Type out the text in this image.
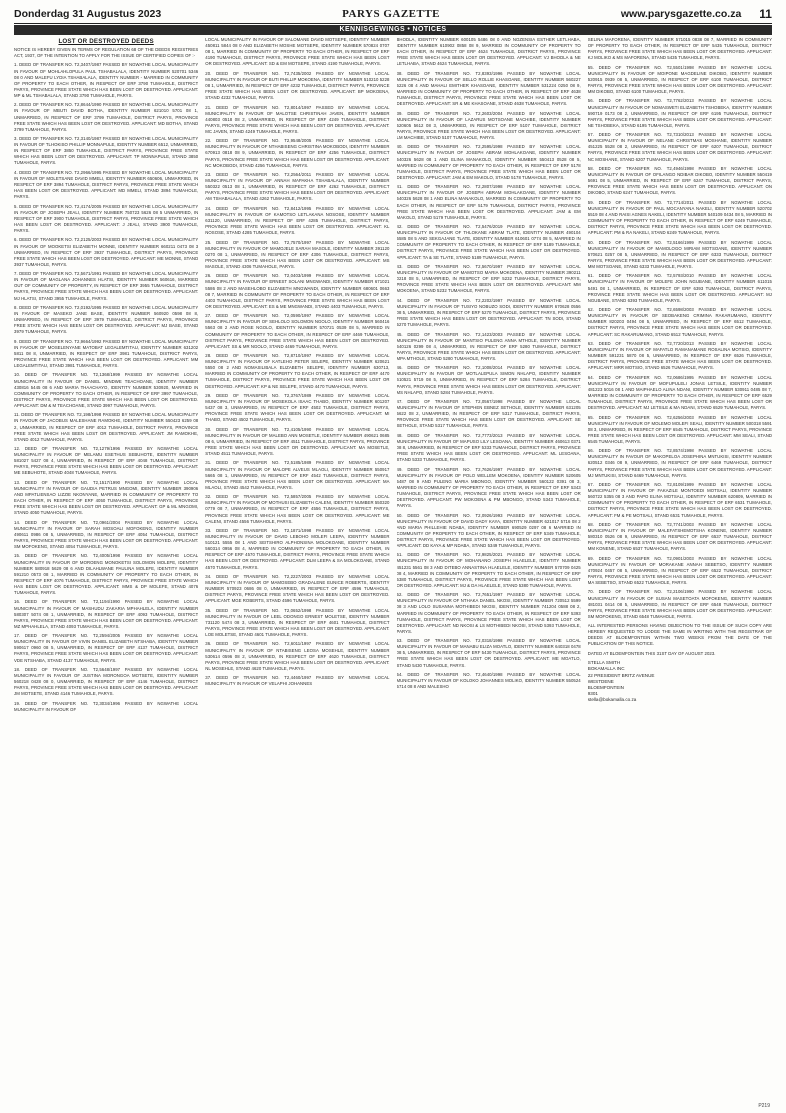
Donderdag 31 Augustus 2023	PARYS GAZETTE	www.parysgazette.co.za 11
KENNISGEWINGS • NOTICES
LOST OR DESTROYED DEEDS

NOTICE IS HEREBY GIVEN IN TERMS OF REGULATION 68 OF THE DEEDS REGISTRIES ACT, 1937, OF THE INTENTION TO APPLY FOR THE ISSUE OF CERTIFIED COPIES OF :-

1. DEED OF TRANSFER NO. T2,3407/1987 PASSED BY NGWATHE LOCAL MUNICIPALITY IN FAVOUR OF MOHLAHLOPULA PAUL TSHABALALA, IDENTITY NUMBER 520701 5346 08 0 AND MALEFU LYDIA TSHABALALA, IDENTITY NUMBER - MARRIED IN COMMUNITY OF PROPERTY TO EACH OTHER, IN RESPECT OF ERF 3790 TUMAHOLE, DISTRICT PARYS, PROVINCE FREE STATE WHICH HAS BEEN LOST OR DESTROYED. APPLICANT: MP & ML TSHABALALA, STAND 3790 TUMAHOLE, PARYS.

2. DEED OF TRANSFER NO. T2,8644/1990 PASSED BY NGWATHE LOCAL MUNICIPALITY IN FAVOUR OF MBUTI DAVID BOTHA, IDENTITY NUMBER 621010 5701 08 1, UNMARRIED, IN RESPECT OF ERF 3799 TUMAHOLE, DISTRICT PARYS, PROVINCE FREE STATE WHICH HAS BEEN LOST OR DESTROYED. APPLICANT: MD BOTHA, STAND 3799 TUMAHOLE, PARYS.

3. DEED OF TRANSFER NO. T2,3140/1987 PASSED BY NGWATHE LOCAL MUNICIPALITY IN FAVOUR OF TLHOKISO PHILLIP MONNAPULE, IDENTITY NUMBER 6512, UNMARRIED, IN RESPECT OF ERF 3850 TUMAHOLE, DISTRICT PARYS, PROVINCE FREE STATE WHICH HAS BEEN LOST OR DESTROYED. APPLICANT: TP MONNAPULE, STAND 3850 TUMAHOLE, PARYS.

4. DEED OF TRANSFER NO. T2,2966/1995 PASSED BY NGWATHE LOCAL MUNICIPALITY IN FAVOUR OF MOLETSANE DAVID MMELI, IDENTITY NUMBER 650606, UNMARRIED, IN RESPECT OF ERF 3894 TUMAHOLE, DISTRICT PARYS, PROVINCE FREE STATE WHICH HAS BEEN LOST OR DESTROYED. APPLICANT: MD MMELI, STAND 3894 TUMAHOLE, PARYS.

5. DEED OF TRANSFER NO. T2,4174/2005 PASSED BY NGWATHE LOCAL MUNICIPALITY IN FAVOUR OF JOSEPH JEALI, IDENTITY NUMBER 750723 5626 08 5 UNMARRIED, IN RESPECT OF ERF 3900 TUMAHOLE, DISTRICT PARYS, PROVINCE FREE STATE WHICH HAS BEEN LOST OR DESTROYED. APPLICANT: J JEALI, STAND 3900 TUMAHOLE, PARYS.

6. DEED OF TRANSFER NO. T2,2125/2003 PASSED BY NGWATHE LOCAL MUNICIPALITY IN FAVOUR OF MOOKETSI ELIZABETH MONNE, IDENTITY NUMBER 660211 0473 08 3 UNMARRIED, IN RESPECT OF ERF 3937 TUMAHOLE, DISTRICT PARYS, PROVINCE FREE STATE WHICH HAS BEEN LOST OR DESTROYED. APPLICANT: ME MONNE, STAND 3937 TUMAHOLE, PARYS.

7. DEED OF TRANSFER NO. T2,5671/1991 PASSED BY NGWATHE LOCAL MUNICIPALITY IN FAVOUR OF MAGLANA JOHANNES HLATSI, IDENTITY NUMBER 560616, MARRIED OUT OF COMMUNITY OF PROPERTY, IN RESPECT OF ERF 3955 TUMAHOLE, DISTRICT PARYS, PROVINCE FREE STATE WHICH HAS BEEN LOST OR DESTROYED. APPLICANT: MJ HLATSI, STAND 3955 TUMAHOLE, PARYS.

8. DEED OF TRANSFER NO. T2,0192/1995 PASSED BY NGWATHE LOCAL MUNICIPALITY IN FAVOUR OF MASEKO JANE BASE, IDENTITY NUMBER 560920 0598 08 8, UNMARRIED, IN RESPECT OF ERF 3979 TUMAHOLE, DISTRICT PARYS, PROVINCE FREE STATE WHICH HAS BEEN LOST OR DESTROYED. APPLICANT: MJ BASE, STAND 3979 TUMAHOLE, PARYS.

9. DEED OF TRANSFER NO. T2,9664/1992 PASSED BY NGWATHE LOCAL MUNICIPALITY IN FAVOUR OF MOSELENYANE MATOBAT LEGALEMTITAU, IDENTITY NUMBER 631202 5811 08 8, UNMARRIED, IN RESPECT OF ERF 3981 TUMAHOLE, DISTRICT PARYS, PROVINCE FREE STATE WHICH HAS BEEN LOST OR DESTROYED. APPLICANT: MM LEGALEMTITAU, STAND 3981 TUMAHOLE, PARYS.

10. DEED OF TRANSFER NO. T2,1368/1999 PASSED BY NGWATHE LOCAL MUNICIPALITY IN FAVOUR OF DANIEL MINDWE TEACHOANE, IDENTITY NUMBER 430816 5445 08 6 AND MARIA THAACHAYO, IDENTITY NUMBER 530920, MARRIED IN COMMUNITY OF PROPERTY TO EACH OTHER, IN RESPECT OF ERF 3997 TUMAHOLE, DISTRICT PARYS, PROVINCE FREE STATE WHICH HAS BEEN LOST OR DESTROYED. APPLICANT: DM & M TEACHOANE, STAND 3997 TUMAHOLE, PARYS.

11. DEED OF TRANSFER NO. T2,198/1998 PASSED BY NGWATHE LOCAL MUNICIPALITY IN FAVOUR OF JACOBUS MALESHANE RAMOKHE, IDENTITY NUMBER 550423 6259 08 2, UNMARRIED, IN RESPECT OF ERF 4012 TUMAHOLE, DISTRICT PARYS, PROVINCE FREE STATE WHICH HAS BEEN LOST OR DESTROYED. APPLICANT: JM RAMOKHE, STAND 4012 TUMAHOLE, PARYS.

12. DEED OF TRANSFER NO. T2,1279/1996 PASSED BY NGWATHE LOCAL MUNICIPALITY IN FAVOUR OF MELAMU ESETHUS SEBUHOTE, IDENTITY NUMBER 581027 5427 08 4, UNMARRIED, IN RESPECT OF ERF 4048 TUMAHOLE, DISTRICT PARYS, PROVINCE FREE STATE WHICH HAS BEEN LOST OR DESTROYED. APPLICANT: ME SEBUHOTE, STAND 4048 TUMAHOLE, PARYS.

13. DEED OF TRANSFER NO. T2,1517/1990 PASSED BY NGWATHE LOCAL MUNICIPALITY IN FAVOUR OF GAUDIA PETRUS MNGOMI, IDENTITY NUMBER 390906 AND MPATLIENSAO LIZZIE NKONYANE, MARRIED IN COMMUNITY OF PROPERTY TO EACH OTHER, IN RESPECT OF ERF 4050 TUMAHOLE, DISTRICT PARYS, PROVINCE FREE STATE WHICH HAS BEEN LOST OR DESTROYED. APPLICANT: GP & ML MNGOMI, STAND 4050 TUMAHOLE, PARYS.

14. DEED OF TRANSFER NO. T2,0961/2004 PASSED BY NGWATHE LOCAL MUNICIPALITY IN FAVOUR OF SARAH MOSOALI MOFOKENG, IDENTITY NUMBER 490611 0986 08 5, UNMARRIED, IN RESPECT OF ERF 4054 TUMAHOLE, DISTRICT PARYS, PROVINCE FREE STATE WHICH HAS BEEN LOST OR DESTROYED. APPLICANT: SM MOFOKENG, STAND 4054 TUMAHOLE, PARYS.

15. DEED OF TRANSFER NO. T2,4005/1998 PASSED BY NGWATHE LOCAL MUNICIPALITY IN FAVOUR OF MOROENG MONOKETSI SOLOMON MOLEFE, IDENTITY NUMBER 580918 5629 08 6 AND DILAHLWANE PAULINA MOLEFE, IDENTITY NUMBER 591210 0573 08 1, MARRIED IN COMMUNITY OF PROPERTY TO EACH OTHER, IN RESPECT OF ERF 4076 TUMAHOLE, DISTRICT PARYS, PROVINCE FREE STATE WHICH HAS BEEN LOST OR DESTROYED. APPLICANT: MMS & DP MOLEFE, STAND 4076 TUMAHOLE, PARYS.

16. DEED OF TRANSFER NO. T2,1194/1990 PASSED BY NGWATHE LOCAL MUNICIPALITY IN FAVOUR OF MASHUDU ZAKARIA MPHAHLELA, IDENTITY NUMBER 580307 5074 08 1, UNMARRIED, IN RESPECT OF ERF 4093 TUMAHOLE, DISTRICT PARYS, PROVINCE FREE STATE WHICH HAS BEEN LOST OR DESTROYED. APPLICANT: MZ MPHAHLELA, STAND 4093 TUMAHOLE, PARYS.

17. DEED OF TRANSFER NO. T2,2594/2005 PASSED BY NGWATHE LOCAL MUNICIPALITY IN FAVOUR OF VIVIN DANIEL ELIZABETH NTSHABA, IDENTITY NUMBER 590617 0960 08 5, UNMARRIED, IN RESPECT OF ERF 4137 TUMAHOLE, DISTRICT PARYS, PROVINCE FREE STATE WHICH HAS BEEN LOST OR DESTROYED. APPLICANT: VDE NTSHABA, STAND 4137 TUMAHOLE, PARYS.

18. DEED OF TRANSFER NO. T2,5648/1997 PASSED BY NGWATHE LOCAL MUNICIPALITY IN FAVOUR OF JUSTINA MORONGOA MOTSETE, IDENTITY NUMBER 560218 0428 08 0, UNMARRIED, IN RESPECT OF ERF 4146 TUMAHOLE, DISTRICT PARYS, PROVINCE FREE STATE WHICH HAS BEEN LOST OR DESTROYED. APPLICANT: JM MOTSETE, STAND 4146 TUMAHOLE, PARYS.

19. DEED OF TRANSFER NO. T2,3034/1996 PASSED BY NGWATHE LOCAL MUNICIPALITY IN FAVOUR OF

LOCAL MUNICIPALITY IN FAVOUR OF SALOMANE DAVID MOTSEPE, IDENTITY NUMBER 450811 5844 08 0 AND ELIZABETH MOSHE MOTSEPE, IDENTITY NUMBER 570824 0707 08 1, MARRIED IN COMMUNITY OF PROPERTY TO EACH OTHER, IN RESPECT OF ERF 4190 TUMAHOLE, DISTRICT PARYS, PROVINCE FREE STATE WHICH HAS BEEN LOST OR DESTROYED. APPLICANT: SD & EM MOTSEPE, STAND 4190 TUMAHOLE, PARYS.

20. DEED OF TRANSFER NO. T2,7435/2002 PASSED BY NGWATHE LOCAL MUNICIPALITY IN FAVOUR OF BUTI PHILLIP MOKOENA, IDENTITY NUMBER 510210 5228 08 1, UNMARRIED, IN RESPECT OF ERF 4232 TUMAHOLE, DISTRICT PARYS, PROVINCE FREE STATE WHICH HAS BEEN LOST OR DESTROYED. APPLICANT: BP MOKOENA, STAND 4232 TUMAHOLE, PARYS.

21. DEED OF TRANSFER NO. T2,8014/1997 PASSED BY NGWATHE LOCAL MUNICIPALITY IN FAVOUR OF MALOTSE CHRISTINAH JAVEN, IDENTITY NUMBER 440803 0518 08 2, UNMARRIED, IN RESPECT OF ERF 4249 TUMAHOLE, DISTRICT PARYS, PROVINCE FREE STATE WHICH HAS BEEN LOST OR DESTROYED. APPLICANT: MC JAVEN, STAND 4249 TUMAHOLE, PARYS.

22. DEED OF TRANSFER NO. T2,9548/2005 PASSED BY NGWATHE LOCAL MUNICIPALITY IN FAVOUR OF NTHABISENG CHRISTINA MOKOBODI, IDENTITY NUMBER 670913 0818 08 9, UNMARRIED, IN RESPECT OF ERF 4256 TUMAHOLE, DISTRICT PARYS, PROVINCE FREE STATE WHICH HAS BEEN LOST OR DESTROYED. APPLICANT: NC MOKOBODI, STAND 4256 TUMAHOLE, PARYS.

23. DEED OF TRANSFER NO. T2,2564/2011 PASSED BY NGWATHE LOCAL MUNICIPALITY IN FAVOUR OF ANNAH MAPAKHA TSHABALALA, IDENTITY NUMBER 550322 0513 08 1, UNMARRIED, IN RESPECT OF ERF 4262 TUMAHOLE, DISTRICT PARYS, PROVINCE FREE STATE WHICH HAS BEEN LOST OR DESTROYED. APPLICANT: AM TSHABALALA, STAND 4262 TUMAHOLE, PARYS.

24. DEED OF TRANSFER NO. T2,8412/1995 PASSED BY NGWATHE LOCAL MUNICIPALITY IN FAVOUR OF KAMOTSO LETLAKANA NOSOSE, IDENTITY NUMBER 631120, UNMARRIED, IN RESPECT OF ERF 4285 TUMAHOLE, DISTRICT PARYS, PROVINCE FREE STATE WHICH HAS BEEN LOST OR DESTROYED. APPLICANT: KL NOSOSE, STAND 4285 TUMAHOLE, PARYS.

25. DEED OF TRANSFER NO. T2,7570/1997 PASSED BY NGWATHE LOCAL MUNICIPALITY IN FAVOUR OF MAMOJELE SARAH MASOLE, IDENTITY NUMBER 391120 0270 08 1, UNMARRIED, IN RESPECT OF ERF 4306 TUMAHOLE, DISTRICT PARYS, PROVINCE FREE STATE WHICH HAS BEEN LOST OR DESTROYED. APPLICANT: MS MASOLE, STAND 4306 TUMAHOLE, PARYS.

26. DEED OF TRANSFER NO. T2,0403/1999 PASSED BY NGWATHE LOCAL MUNICIPALITY IN FAVOUR OF ERNEST SOLANI MNGWANDI, IDENTITY NUMBER 671021 5586 08 2 AND MASEHLOBO ELIZABETH MNGWANDI, IDENTITY NUMBER 680601 0663 08 7, MARRIED IN COMMUNITY OF PROPERTY TO EACH OTHER, IN RESPECT OF ERF 4403 TUMAHOLE, DISTRICT PARYS, PROVINCE FREE STATE WHICH HAS BEEN LOST OR DESTROYED. APPLICANT: ES & ME MNGWANDI, STAND 4403 TUMAHOLE, PARYS.

27. DEED OF TRANSFER NO. T2,0590/1997 PASSED BY NGWATHE LOCAL MUNICIPALITY IN FAVOUR OF SEHLOLO SOLOMON NGOLO, IDENTITY NUMBER 560416 5563 08 2 AND ROSE NGOLO, IDENTITY NUMBER 570721 0539 08 5, MARRIED IN COMMUNITY OF PROPERTY TO EACH OTHER, IN RESPECT OF ERF 4469 TUMAHOLE, DISTRICT PARYS, PROVINCE FREE STATE WHICH HAS BEEN LOST OR DESTROYED. APPLICANT: SS & MR NGOLO, STAND 4469 TUMAHOLE, PARYS.

28. DEED OF TRANSFER NO. T2,8710/1997 PASSED BY NGWATHE LOCAL MUNICIPALITY IN FAVOUR OF KATLEHO PETER SELEPE, IDENTITY NUMBER 620621 5550 08 2 AND NOMASILIBALA ELIZABETH SELEPE, IDENTITY NUMBER 630713, MARRIED IN COMMUNITY OF PROPERTY TO EACH OTHER, IN RESPECT OF ERF 4470 TUMAHOLE, DISTRICT PARYS, PROVINCE FREE STATE WHICH HAS BEEN LOST OR DESTROYED. APPLICANT: KP & NE SELEPE, STAND 4470 TUMAHOLE, PARYS.

29. DEED OF TRANSFER NO. T2,3767/1989 PASSED BY NGWATHE LOCAL MUNICIPALITY IN FAVOUR OF MOSEKOLA ISAAC THABO, IDENTITY NUMBER 601207 5437 08 3, UNMARRIED, IN RESPECT OF ERF 4502 TUMAHOLE, DISTRICT PARYS, PROVINCE FREE STATE WHICH HAS BEEN LOST OR DESTROYED. APPLICANT: MI THABO, STAND 4502 TUMAHOLE, PARYS.

30. DEED OF TRANSFER NO. T2,4105/1990 PASSED BY NGWATHE LOCAL MUNICIPALITY IN FAVOUR OF MALEBO ANN MOSETLE, IDENTITY NUMBER 490621 0685 08 6, UNMARRIED, IN RESPECT OF ERF 4511 TUMAHOLE, DISTRICT PARYS, PROVINCE FREE STATE WHICH HAS BEEN LOST OR DESTROYED. APPLICANT: MA MOSETLE, STAND 4511 TUMAHOLE, PARYS.

31. DEED OF TRANSFER NO. T2,5185/1989 PASSED BY NGWATHE LOCAL MUNICIPALITY IN FAVOUR OF MALOPE ALVEUS MLAOLI, IDENTITY NUMBER 550917 5665 08 1, UNMARRIED, IN RESPECT OF ERF 4542 TUMAHOLE, DISTRICT PARYS, PROVINCE FREE STATE WHICH HAS BEEN LOST OR DESTROYED. APPLICANT: MA MLAOLI, STAND 4542 TUMAHOLE, PARYS.

32. DEED OF TRANSFER NO. T2,5857/2005 PASSED BY NGWATHE LOCAL MUNICIPALITY IN FAVOUR OF MOTHUSI ELIZABETH CALENI, IDENTITY NUMBER 550320 0779 08 7, UNMARRIED, IN RESPECT OF ERF 4556 TUMAHOLE, DISTRICT PARYS, PROVINCE FREE STATE WHICH HAS BEEN LOST OR DESTROYED. APPLICANT: ME CALENI, STAND 4556 TUMAHOLE, PARYS.

33. DEED OF TRANSFER NO. T2,1871/1998 PASSED BY NGWATHE LOCAL MUNICIPALITY IN FAVOUR OF DAVID LEBOHO MOLEFI LEEPA, IDENTITY NUMBER 510121 5555 08 1 AND SEITSHIRO ALPHONSINA MOLOKOANE, IDENTITY NUMBER 560314 0956 08 4, MARRIED IN COMMUNITY OF PROPERTY TO EACH OTHER, IN RESPECT OF ERF 4570 TUMAHOLE, DISTRICT PARYS, PROVINCE FREE STATE WHICH HAS BEEN LOST OR DESTROYED. APPLICANT: DLM LEEPA & SA MOLOKOANE, STAND 4570 TUMAHOLE, PARYS.

34. DEED OF TRANSFER NO. T2,2227/2003 PASSED BY NGWATHE LOCAL MUNICIPALITY IN FAVOUR OF MAMOSEBO GRADALENE EUNICE ROBERTS, IDENTITY NUMBER 570923 0686 08 0, UNMARRIED, IN RESPECT OF ERF 4596 TUMAHOLE, DISTRICT PARYS, PROVINCE FREE STATE WHICH HAS BEEN LOST OR DESTROYED. APPLICANT: MGE ROBERTS, STAND 4596 TUMAHOLE, PARYS.

35. DEED OF TRANSFER NO. T2,0652/1998 PASSED BY NGWATHE LOCAL MUNICIPALITY IN FAVOUR OF LEEL ODONGO ERNEST MOLETSE, IDENTITY NUMBER 731120 5474 08 3, UNMARRIED, IN RESPECT OF ERF 4601 TUMAHOLE, DISTRICT PARYS, PROVINCE FREE STATE WHICH HAS BEEN LOST OR DESTROYED. APPLICANT: LOE MOLETSE, STAND 4601 TUMAHOLE, PARYS.

36. DEED OF TRANSFER NO. T2,6011/1997 PASSED BY NGWATHE LOCAL MUNICIPALITY IN FAVOUR OF NTABISENG LEOSA MOSEHLE, IDENTITY NUMBER 530614 0596 08 2, UNMARRIED, IN RESPECT OF ERF 4620 TUMAHOLE, DISTRICT PARYS, PROVINCE FREE STATE WHICH HAS BEEN LOST OR DESTROYED. APPLICANT: NL MOSEHLE, STAND 4620 TUMAHOLE, PARYS.

37. DEED OF TRANSFER NO. T2,4460/1997 PASSED BY NGWATHE LOCAL MUNICIPALITY IN FAVOUR OF VELAPHI JOHANNES

BHODLA, IDENTITY NUMBER 600105 5486 08 0 AND NOZENSIA ESTHER LETLHABA, IDENTITY NUMBER 610902 0858 08 9, MARRIED IN COMMUNITY OF PROPERTY TO EACH OTHER, IN RESPECT OF ERF 4624 TUMAHOLE, DISTRICT PARYS, PROVINCE FREE STATE WHICH HAS BEEN LOST OR DESTROYED. APPLICANT: VJ BHODLA & NE LETLHABA, STAND 4624 TUMAHOLE, PARYS.

38. DEED OF TRANSFER NO. T2,8393/1996 PASSED BY NGWATHE LOCAL MUNICIPALITY IN FAVOUR OF SELLO ROLLIE KHASOANE, IDENTITY NUMBER 560227 5226 08 4 AND MAHALI EMITHER KHASOANE, IDENTITY NUMBER 531224 0250 08 9, MARRIED IN COMMUNITY OF PROPERTY TO EACH OTHER, IN RESPECT OF ERF 4638 TUMAHOLE, DISTRICT PARYS, PROVINCE FREE STATE WHICH HAS BEEN LOST OR DESTROYED. APPLICANT: SR & ME KHASOANE, STAND 4638 TUMAHOLE, PARYS.

39. DEED OF TRANSFER NO. T2,2603/2004 PASSED BY NGWATHE LOCAL MUNICIPALITY IN FAVOUR OF LAZARUS MOTSOANE MACHIBE, IDENTITY NUMBER 520605 5612 08 3, UNMARRIED, IN RESPECT OF ERF 5107 TUMAHOLE, DISTRICT PARYS, PROVINCE FREE STATE WHICH HAS BEEN LOST OR DESTROYED. APPLICANT: LM MACHIBE, STAND 5107 TUMAHOLE, PARYS.

40. DEED OF TRANSFER NO. T2,2595/1998 PASSED BY NGWATHE LOCAL MUNICIPALITY IN FAVOUR OF JOSEPH ABRAM MOHLAKOANE, IDENTITY NUMBER 540326 5628 08 1 AND ELINA MANAKOLO, IDENTITY NUMBER 550413 0528 08 5, MARRIED IN COMMUNITY OF PROPERTY TO EACH OTHER, IN RESPECT OF ERF 5178 TUMAHOLE, DISTRICT PARYS, PROVINCE FREE STATE WHICH HAS BEEN LOST OR DESTROYED. APPLICANT: JAM & EM MAKOLO, STAND 5178 TUMAHOLE, PARYS.

41. DEED OF TRANSFER NO. T2,2807/1998 PASSED BY NGWATHE LOCAL MUNICIPALITY IN FAVOUR OF JOSEPH ABRAM MOHLAKOANE, IDENTITY NUMBER 540326 5628 08 1 AND ELINA MANAKOLO, MARRIED IN COMMUNITY OF PROPERTY TO EACH OTHER, IN RESPECT OF ERF 5179 TUMAHOLE, DISTRICT PARYS, PROVINCE FREE STATE WHICH HAS BEEN LOST OR DESTROYED. APPLICANT: JAM & EM MAKOLO, STAND 5179 TUMAHOLE, PARYS.

42. DEED OF TRANSFER NO. T2,5476/2019 PASSED BY NGWATHE LOCAL MUNICIPALITY IN FAVOUR OF THLOKANE ABRAM TLATE, IDENTITY NUMBER 490104 5585 08 5 AND SEKGAJANE TLATE, IDENTITY NUMBER 610601 0774 08 5, MARRIED IN COMMUNITY OF PROPERTY TO EACH OTHER, IN RESPECT OF ERF 5189 TUMAHOLE, DISTRICT PARYS, PROVINCE FREE STATE WHICH HAS BEEN LOST OR DESTROYED. APPLICANT: TA & SE TLATE, STAND 5189 TUMAHOLE, PARYS.

43. DEED OF TRANSFER NO. T2,5670/1997 PASSED BY NGWATHE LOCAL MUNICIPALITY IN FAVOUR OF MAMOTSO MARIA MOKOENA, IDENTITY NUMBER 390211 0218 08 5, UNMARRIED, IN RESPECT OF ERF 5232 TUMAHOLE, DISTRICT PARYS, PROVINCE FREE STATE WHICH HAS BEEN LOST OR DESTROYED. APPLICANT: MM MOKOENA, STAND 5232 TUMAHOLE, PARYS.

44. DEED OF TRANSFER NO. T2,2202/1997 PASSED BY NGWATHE LOCAL MUNICIPALITY IN FAVOUR OF TUSIYO NOBUZO SODI, IDENTITY NUMBER 670628 0556 08 5, UNMARRIED, IN RESPECT OF ERF 5270 TUMAHOLE, DISTRICT PARYS, PROVINCE FREE STATE WHICH HAS BEEN LOST OR DESTROYED. APPLICANT: TN SODI, STAND 5270 TUMAHOLE, PARYS.

45. DEED OF TRANSFER NO. T2,1423/2003 PASSED BY NGWATHE LOCAL MUNICIPALITY IN FAVOUR OF MANTSIO PULENG ANNA MTHOLE, IDENTITY NUMBER 640126 0299 08 4, UNMARRIED, IN RESPECT OF ERF 5280 TUMAHOLE, DISTRICT PARYS, PROVINCE FREE STATE WHICH HAS BEEN LOST OR DESTROYED. APPLICANT: MPA MTHOLE, STAND 5280 TUMAHOLE, PARYS.

46. DEED OF TRANSFER NO. T2,1008/2014 PASSED BY NGWATHE LOCAL MUNICIPALITY IN FAVOUR OF MOTLALEPULA SIMON NHLAPO, IDENTITY NUMBER 610521 5719 08 5, UNMARRIED, IN RESPECT OF ERF 5284 TUMAHOLE, DISTRICT PARYS, PROVINCE FREE STATE WHICH HAS BEEN LOST OR DESTROYED. APPLICANT: MS NHLAPO, STAND 5284 TUMAHOLE, PARYS.

47. DEED OF TRANSFER NO. T2,0567/1998 PASSED BY NGWATHE LOCAL MUNICIPALITY IN FAVOUR OF STEPHEN EBNEZ SETHOLE, IDENTITY NUMBER 631205 5622 08 2, UNMARRIED, IN RESPECT OF ERF 5317 TUMAHOLE, DISTRICT PARYS, PROVINCE FREE STATE WHICH HAS BEEN LOST OR DESTROYED. APPLICANT: SE SETHOLE, STAND 5317 TUMAHOLE, PARYS.

48. DEED OF TRANSFER NO. T2,7773/2013 PASSED BY NGWATHE LOCAL MUNICIPALITY IN FAVOUR OF MAPUSO LILY LESOANA, IDENTITY NUMBER 460613 0371 08 8, UNMARRIED, IN RESPECT OF ERF 5333 TUMAHOLE, DISTRICT PARYS, PROVINCE FREE STATE WHICH HAS BEEN LOST OR DESTROYED. APPLICANT: ML LESOANA, STAND 5333 TUMAHOLE, PARYS.

49. DEED OF TRANSFER NO. T2,7626/1997 PASSED BY NGWATHE LOCAL MUNICIPALITY IN FAVOUR OF POLO WELLEM MOKOENA, IDENTITY NUMBER 520605 5487 08 9 AND PULENG MARIA MBONGO, IDENTITY NUMBER 560122 0391 08 3, MARRIED IN COMMUNITY OF PROPERTY TO EACH OTHER, IN RESPECT OF ERF 5343 TUMAHOLE, DISTRICT PARYS, PROVINCE FREE STATE WHICH HAS BEEN LOST OR DESTROYED. APPLICANT: PW MOKOENA & PM MBONGO, STAND 5343 TUMAHOLE, PARYS.

50. DEED OF TRANSFER NO. T2,0926/1993 PASSED BY NGWATHE LOCAL MUNICIPALITY IN FAVOUR OF DAVID DADY KAYA, IDENTITY NUMBER 621017 5716 08 2 AND MARIA PHILLEHIE NDABA, IDENTITY NUMBER 690529 0297 08 6 MARRIED IN COMMUNITY OF PROPERTY TO EACH OTHER, IN RESPECT OF ERF 5349 TUMAHOLE, DISTRICT PARYS, PROVINCE FREE STATE WHICH HAS BEEN LOST OR DESTROYED. APPLICANT: DD KAYA & MP NDABA, STAND 5349 TUMAHOLE, PARYS.

51. DEED OF TRANSFER NO. T2,9825/2021 PASSED BY NGWATHE LOCAL MUNICIPALITY IN FAVOUR OF MOHANANO JOSEPH HLAELELE, IDENTITY NUMBER 451231 5561 08 3 AND DITEBO ANNASTINA HLAELELE, IDENTITY NUMBER 570709 0425 08 4, MARRIED IN COMMUNITY OF PROPERTY TO EACH OTHER, IN RESPECT OF ERF 5380 TUMAHOLE, DISTRICT PARYS, PROVINCE FREE STATE WHICH HAS BEEN LOST OR DESTROYED. APPLICANT: MJ & DA HLAELELE, STAND 5380 TUMAHOLE, PARYS.

52. DEED OF TRANSFER NO. T2,7651/1997 PASSED BY NGWATHE LOCAL MUNICIPALITY IN FAVOUR OF NTHAKA DANIEL NKOSI, IDENTITY NUMBER 720512 5599 08 3 AND LOLO SUSANNA MOTHIBEDI NKOSI, IDENTITY NUMBER 741204 0588 08 2, MARRIED IN COMMUNITY OF PROPERTY TO EACH OTHER, IN RESPECT OF ERF 5393 TUMAHOLE, DISTRICT PARYS, PROVINCE FREE STATE WHICH HAS BEEN LOST OR DESTROYED. APPLICANT: ND NKOSI & LS MOTHIBEDI NKOSI, STAND 5393 TUMAHOLE, PARYS.

53. DEED OF TRANSFER NO. T2,0318/1998 PASSED BY NGWATHE LOCAL MUNICIPALITY IN FAVOUR OF MANABU ELIZA MOATLO, IDENTITY NUMBER 640318 0478 08 5, UNMARRIED, IN RESPECT OF ERF 5430 TUMAHOLE, DISTRICT PARYS, PROVINCE FREE STATE WHICH HAS BEEN LOST OR DESTROYED. APPLICANT: ME MOATLO, STAND 5430 TUMAHOLE, PARYS.

54. DEED OF TRANSFER NO. T2,4640/1998 PASSED BY NGWATHE LOCAL MUNICIPALITY IN FAVOUR OF KOLOKO JOHANNES MOLIKO, IDENTITY NUMBER 550524 5714 08 8 AND MALESHO

SELINA MAFORENA, IDENTITY NUMBER 571015 0838 08 7, MARRIED IN COMMUNITY OF PROPERTY TO EACH OTHER, IN RESPECT OF ERF 5435 TUMAHOLE, DISTRICT PARYS, PROVINCE FREE STATE WHICH HAS BEEN LOST OR DESTROYED. APPLICANT: KJ MOLIKO & MS MAFORENA, STAND 5435 TUMAHOLE, PARYS.

55. DEED OF TRANSFER NO. T2,5501/1998 PASSED BY NGWATHE LOCAL MUNICIPALITY IN FAVOUR OF MOIPONE MAGDELINE DIKOBO, IDENTITY NUMBER 520915 0939 08 5, UNMARRIED, IN RESPECT OF ERF 6100 TUMAHOLE, DISTRICT PARYS, PROVINCE FREE STATE WHICH HAS BEEN LOST OR DESTROYED. APPLICANT: MM DIKOBO, STAND 6100 TUMAHOLE, PARYS.

56. DEED OF TRANSFER NO. T2,7762/2013 PASSED BY NGWATHE LOCAL MUNICIPALITY IN FAVOUR OF NOMASWETI ELIZABETH TSHOBEKA, IDENTITY NUMBER 590719 0173 08 2, UNMARRIED, IN RESPECT OF ERF 6195 TUMAHOLE, DISTRICT PARYS, PROVINCE FREE STATE WHICH HAS BEEN LOST OR DESTROYED. APPLICANT: NE TSHOBEKA, STAND 6195 TUMAHOLE, PARYS.

57. DEED OF TRANSFER NO. T2,7310/2013 PASSED BY NGWATHE LOCAL MUNICIPALITY IN FAVOUR OF NELANE CHRISTMAS MOSHANE, IDENTITY NUMBER 451225 5528 08 2, UNMARRIED, IN RESPECT OF ERF 6207 TUMAHOLE, DISTRICT PARYS, PROVINCE FREE STATE WHICH HAS BEEN LOST OR DESTROYED. APPLICANT: NC MOSHANE, STAND 6207 TUMAHOLE, PARYS.

58. DEED OF TRANSFER NO. T2,4946/1998 PASSED BY NGWATHE LOCAL MUNICIPALITY IN FAVOUR OF OFILANGO NDIBAR DIKOBO, IDENTITY NUMBER 550419 5691 08 5, UNMARRIED, IN RESPECT OF ERF 6247 TUMAHOLE, DISTRICT PARYS, PROVINCE FREE STATE WHICH HAS BEEN LOST OR DESTROYED. APPLICANT: ON DIKOBO, STAND 6247 TUMAHOLE, PARYS.

59. DEED OF TRANSFER NO. T2,7714/2011 PASSED BY NGWATHE LOCAL MUNICIPALITY IN FAVOUR OF PAUL MOCANYANA NAKELI, IDENTITY NUMBER 520702 5519 08 4 AND RAISI AGNES NAKELI, IDENTITY NUMBER 540109 0434 08 5, MARRIED IN COMMUNITY OF PROPERTY TO EACH OTHER, IN RESPECT OF ERF 6249 TUMAHOLE, DISTRICT PARYS, PROVINCE FREE STATE WHICH HAS BEEN LOST OR DESTROYED. APPLICANT: PM & RA NAKELI, STAND 6249 TUMAHOLE, PARYS.

60. DEED OF TRANSFER NO. T2,5166/1999 PASSED BY NGWATHE LOCAL MUNICIPALITY IN FAVOUR OF MAMOLOGO MIRIAM MOTSOANE, IDENTITY NUMBER 570621 0257 08 5, UNMARRIED, IN RESPECT OF ERF 6333 TUMAHOLE, DISTRICT PARYS, PROVINCE FREE STATE WHICH HAS BEEN LOST OR DESTROYED. APPLICANT: MM MOTSOANE, STAND 6333 TUMAHOLE, PARYS.

61. DEED OF TRANSFER NO. T2,5793/2010 PASSED BY NGWATHE LOCAL MUNICIPALITY IN FAVOUR OF MOLEFE JOHN NGUBANE, IDENTITY NUMBER 611015 5491 08 1, UNMARRIED, IN RESPECT OF ERF 6393 TUMAHOLE, DISTRICT PARYS, PROVINCE FREE STATE WHICH HAS BEEN LOST OR DESTROYED. APPLICANT: MJ NGUBANE, STAND 6393 TUMAHOLE, PARYS.

62. DEED OF TRANSFER NO. T2,6598/2003 PASSED BY NGWATHE LOCAL MUNICIPALITY IN FAVOUR OF SEOBAKENG CRIMINA RAKARUMANG, IDENTITY NUMBER 820203 0494 08 5, UNMARRIED, IN RESPECT OF ERF 6512 TUMAHOLE, DISTRICT PARYS, PROVINCE FREE STATE WHICH HAS BEEN LOST OR DESTROYED. APPLICANT: SC RAKARUMANG, STAND 6512 TUMAHOLE, PARYS.

63. DEED OF TRANSFER NO. T2,7720/2013 PASSED BY NGWATHE LOCAL MUNICIPALITY IN FAVOUR OF MAFATLO RAMANAMANE ROSALINA MOTSIO, IDENTITY NUMBER 591231 5870 08 5, UNMARRIED, IN RESPECT OF ERF 6526 TUMAHOLE, DISTRICT PARYS, PROVINCE FREE STATE WHICH HAS BEEN LOST OR DESTROYED. APPLICANT: MRR MOTSIO, STAND 6526 TUMAHOLE, PARYS.

64. DEED OF TRANSFER NO. T2,0686/1995 PASSED BY NGWATHE LOCAL MUNICIPALITY IN FAVOUR OF MOFUPULELI JONAS LETSILE, IDENTITY NUMBER 481223 5016 08 1 AND MAIPHAELO ALINA NDANI, IDENTITY NUMBER 530911 0485 08 7, MARRIED IN COMMUNITY OF PROPERTY TO EACH OTHER, IN RESPECT OF ERF 6529 TUMAHOLE, DISTRICT PARYS, PROVINCE FREE STATE WHICH HAS BEEN LOST OR DESTROYED. APPLICANT: MJ LETSILE & MA NDANI, STAND 6529 TUMAHOLE, PARYS.

65. DEED OF TRANSFER NO. T2,6256/2003 PASSED BY NGWATHE LOCAL MUNICIPALITY IN FAVOUR OF MOLEMO MOLEFI SEALI, IDENTITY NUMBER 500318 5591 08 3, UNMARRIED, IN RESPECT OF ERF 6545 TUMAHOLE, DISTRICT PARYS, PROVINCE FREE STATE WHICH HAS BEEN LOST OR DESTROYED. APPLICANT: MM SEALI, STAND 6545 TUMAHOLE, PARYS.

66. DEED OF TRANSFER NO. T2,8574/1998 PASSED BY NGWATHE LOCAL MUNICIPALITY IN FAVOUR OF MAKOPELOA JOSEPHINA MNTUKISI, IDENTITY NUMBER 620512 0346 08 9, UNMARRIED, IN RESPECT OF ERF 6469 TUMAHOLE, DISTRICT PARYS, PROVINCE FREE STATE WHICH HAS BEEN LOST OR DESTROYED. APPLICANT: MJ MNTUKISI, STAND 6469 TUMAHOLE, PARYS.

67. DEED OF TRANSFER NO. T2,8109/1999 PASSED BY NGWATHE LOCAL MUNICIPALITY IN FAVOUR OF FAKAZILE MONTOEDI MOTSALI, IDENTITY NUMBER 560722 5355 08 3 AND PAPO ELINA MOTSALI, IDENTITY NUMBER 620809, MARRIED IN COMMUNITY OF PROPERTY TO EACH OTHER, IN RESPECT OF ERF 6531 TUMAHOLE, DISTRICT PARYS, PROVINCE FREE STATE WHICH HAS BEEN LOST OR DESTROYED. APPLICANT: FM & PE MOTSALI, STAND 6531 TUMAHOLE, PARYS.

68. DEED OF TRANSFER NO. T2,7741/2003 PASSED BY NGWATHE LOCAL MUNICIPALITY IN FAVOUR OF MALEFATSHEMOTSHA KONENE, IDENTITY NUMBER 580310 0526 08 9, UNMARRIED, IN RESPECT OF ERF 6537 TUMAHOLE, DISTRICT PARYS, PROVINCE FREE STATE WHICH HAS BEEN LOST OR DESTROYED. APPLICANT: MM KONENE, STAND 6537 TUMAHOLE, PARYS.

69. DEED OF TRANSFER NO. T2,0901/2003 PASSED BY NGWATHE LOCAL MUNICIPALITY IN FAVOUR OF MORAKANE ANNAH SEBETSO, IDENTITY NUMBER 470924 0457 08 5, UNMARRIED, IN RESPECT OF ERF 6522 TUMAHOLE, DISTRICT PARYS, PROVINCE FREE STATE WHICH HAS BEEN LOST OR DESTROYED. APPLICANT: MA SEBETSO, STAND 6522 TUMAHOLE, PARYS.

70. DEED OF TRANSFER NO. T2,2106/1990 PASSED BY NGWATHE LOCAL MUNICIPALITY IN FAVOUR OF SUSAN MASETOATA MOFOKENG, IDENTITY NUMBER 481031 0414 08 5, UNMARRIED, IN RESPECT OF ERF 6548 TUMAHOLE, DISTRICT PARYS, PROVINCE FREE STATE WHICH HAS BEEN LOST OR DESTROYED. APPLICANT: SM MOFOKENG, STAND 6548 TUMAHOLE, PARYS.

ALL INTERESTED PERSONS HAVING OBJECTION TO THE ISSUE OF SUCH COPY ARE HEREBY REQUESTED TO LODGE THE SAME IN WRITING WITH THE REGISTRAR OF DEEDS AT BLOEMFONTEIN WITHIN TWO WEEKS FROM THE DATE OF THE PUBLICATION OF THIS NOTICE.

DATED AT BLOEMFONTEIN THIS 31ST DAY OF AUGUST 2023.

STELLA SMITH

BOKAMALLA INC

22 PRESIDENT BRITZ AVENUE

WESTDENE

BLOEMFONTEIN

9301

stella@bokamalla.co.za

P219
